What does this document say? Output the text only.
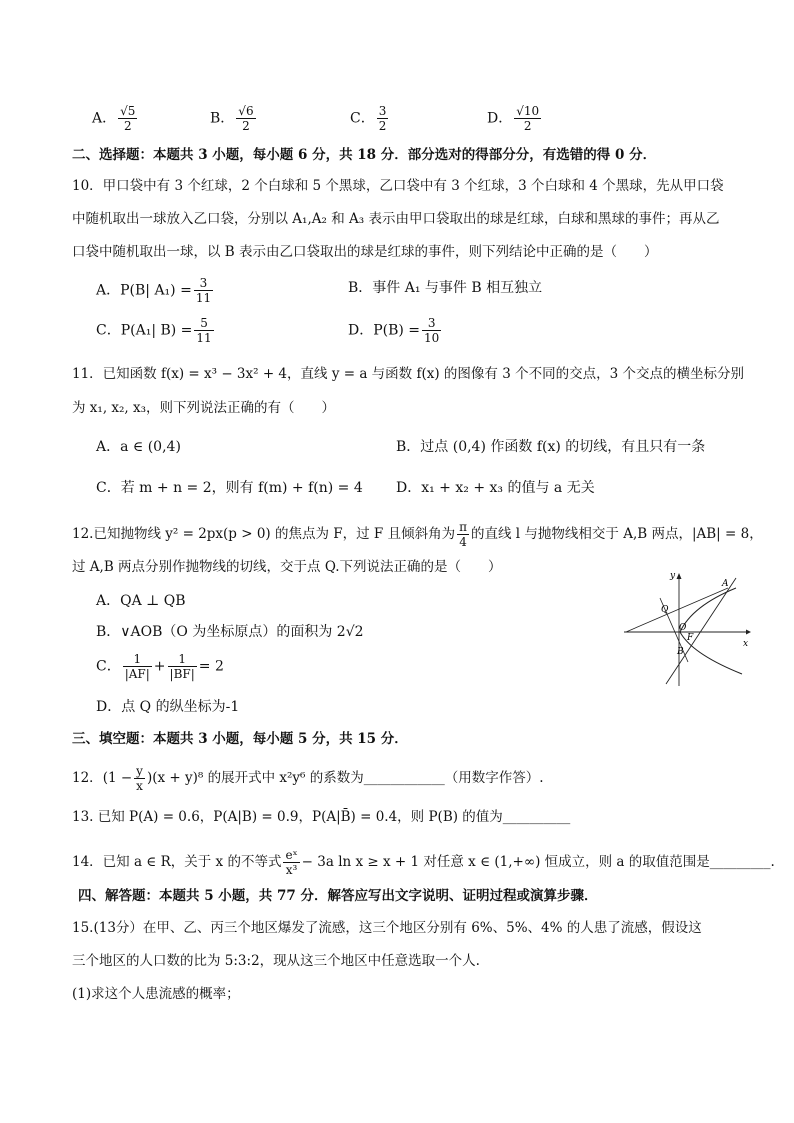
A． $\frac{√5}{2}$	B． $\frac{√6}{2}$	C． $\frac{3}{2}$	D． $\frac{√10}{2}$
二、选择题：本题共 3 小题，每小题 6 分，共 18 分．部分选对的得部分分，有选错的得 0 分．
10．甲口袋中有 3 个红球，2 个白球和 5 个黑球，乙口袋中有 3 个红球，3 个白球和 4 个黑球，先从甲口袋
中随机取出一球放入乙口袋，分别以 A₁,A₂ 和 A₃ 表示由甲口袋取出的球是红球，白球和黑球的事件；再从乙
口袋中随机取出一球，以 B 表示由乙口袋取出的球是红球的事件，则下列结论中正确的是（　　）
A．P(B| $A_1) = \frac{3}{11}$	B．事件 A₁ 与事件 B 相互独立
C．P(A₁| $B) = \frac{5}{11}$	D．$P(B) = \frac{3}{10}$
11．已知函数 f(x) = x³ − 3x² + 4，直线 y = a 与函数 f(x) 的图像有 3 个不同的交点，3 个交点的横坐标分别
为 x₁, x₂, x₃，则下列说法正确的有（　　）
A．a ∈ (0,4)	B．过点 (0,4) 作函数 f(x) 的切线，有且只有一条
C．若 m + n = 2，则有 f(m) + f(n) = 4 D．x₁ + x₂ + x₃ 的值与 a 无关
12.已知抛物线 y² = 2px(p > 0) 的焦点为 F，过 F 且倾斜角为 $\frac{\pi}{4}$ 的直线 l 与抛物线相交于 A,B 两点，|AB| = 8，
过 A,B 两点分别作抛物线的切线，交于点 Q.下列说法正确的是（　　）
A．QA ⊥ QB
B．∨AOB（O 为坐标原点）的面积为 2√2
C． $\frac{1}{|AF|} + \frac{1}{|BF|} = 2$
D．点 Q 的纵坐标为-1
y
x
A
Q
O
F
B
三、填空题：本题共 3 小题，每小题 5 分，共 15 分．
12．$(1 - \frac{y}{x} )(x + y)^8$ 的展开式中 x²y⁶ 的系数为____________（用数字作答）.
13. 已知 P(A) = 0.6，P(A|B) = 0.9，P(A|B̄) = 0.4，则 P(B) 的值为__________
14．已知 a ∈ R，关于 x 的不等式 $\frac{\text{eˣ}}{\text{x³}} - 3a$ ln x ≥ x + 1 对任意 x ∈ (1,+∞) 恒成立，则 a 的取值范围是_________.
四、解答题：本题共 5 小题，共 77 分．解答应写出文字说明、证明过程或演算步骤．
15.(13分）在甲、乙、丙三个地区爆发了流感，这三个地区分别有 6%、5%、4% 的人患了流感，假设这
三个地区的人口数的比为 5:3:2，现从这三个地区中任意选取一个人.
(1)求这个人患流感的概率；
